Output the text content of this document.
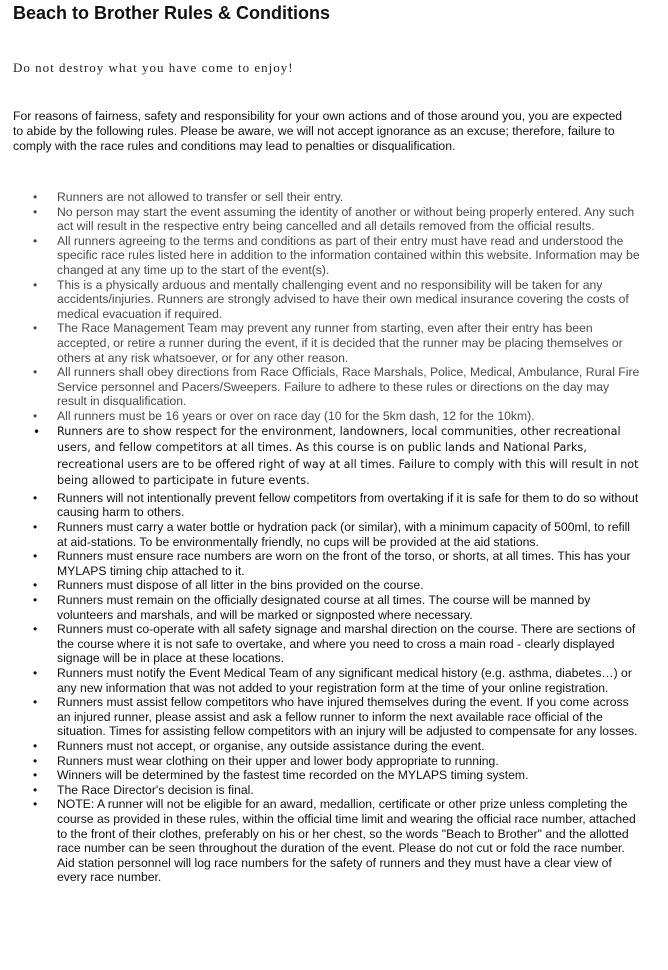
Beach to Brother Rules & Conditions
Do not destroy what you have come to enjoy!
For reasons of fairness, safety and responsibility for your own actions and of those around you, you are expected to abide by the following rules. Please be aware, we will not accept ignorance as an excuse; therefore, failure to comply with the race rules and conditions may lead to penalties or disqualification.
• Runners are not allowed to transfer or sell their entry.
• No person may start the event assuming the identity of another or without being properly entered. Any such act will result in the respective entry being cancelled and all details removed from the official results.
• All runners agreeing to the terms and conditions as part of their entry must have read and understood the specific race rules listed here in addition to the information contained within this website. Information may be changed at any time up to the start of the event(s).
• This is a physically arduous and mentally challenging event and no responsibility will be taken for any accidents/injuries. Runners are strongly advised to have their own medical insurance covering the costs of medical evacuation if required.
• The Race Management Team may prevent any runner from starting, even after their entry has been accepted, or retire a runner during the event, if it is decided that the runner may be placing themselves or others at any risk whatsoever, or for any other reason.
• All runners shall obey directions from Race Officials, Race Marshals, Police, Medical, Ambulance, Rural Fire Service personnel and Pacers/Sweepers. Failure to adhere to these rules or directions on the day may result in disqualification.
• All runners must be 16 years or over on race day (10 for the 5km dash, 12 for the 10km).
• Runners are to show respect for the environment, landowners, local communities, other recreational users, and fellow competitors at all times. As this course is on public lands and National Parks, recreational users are to be offered right of way at all times. Failure to comply with this will result in not being allowed to participate in future events.
• Runners will not intentionally prevent fellow competitors from overtaking if it is safe for them to do so without causing harm to others.
• Runners must carry a water bottle or hydration pack (or similar), with a minimum capacity of 500ml, to refill at aid-stations. To be environmentally friendly, no cups will be provided at the aid stations.
• Runners must ensure race numbers are worn on the front of the torso, or shorts, at all times. This has your MYLAPS timing chip attached to it.
• Runners must dispose of all litter in the bins provided on the course.
• Runners must remain on the officially designated course at all times. The course will be manned by volunteers and marshals, and will be marked or signposted where necessary.
• Runners must co-operate with all safety signage and marshal direction on the course. There are sections of the course where it is not safe to overtake, and where you need to cross a main road - clearly displayed signage will be in place at these locations.
• Runners must notify the Event Medical Team of any significant medical history (e.g. asthma, diabetes…) or any new information that was not added to your registration form at the time of your online registration.
• Runners must assist fellow competitors who have injured themselves during the event. If you come across an injured runner, please assist and ask a fellow runner to inform the next available race official of the situation. Times for assisting fellow competitors with an injury will be adjusted to compensate for any losses.
• Runners must not accept, or organise, any outside assistance during the event.
• Runners must wear clothing on their upper and lower body appropriate to running.
• Winners will be determined by the fastest time recorded on the MYLAPS timing system.
• The Race Director's decision is final.
• NOTE: A runner will not be eligible for an award, medallion, certificate or other prize unless completing the course as provided in these rules, within the official time limit and wearing the official race number, attached to the front of their clothes, preferably on his or her chest, so the words "Beach to Brother" and the allotted race number can be seen throughout the duration of the event. Please do not cut or fold the race number. Aid station personnel will log race numbers for the safety of runners and they must have a clear view of every race number.
